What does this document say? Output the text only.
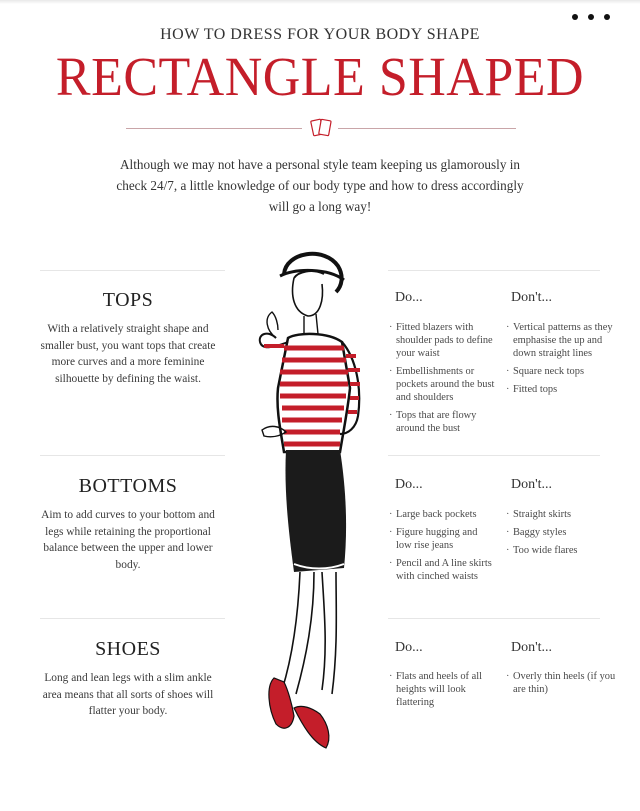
HOW TO DRESS FOR YOUR BODY SHAPE
RECTANGLE SHAPED
Although we may not have a personal style team keeping us glamorously in check 24/7, a little knowledge of our body type and how to dress accordingly will go a long way!
TOPS
With a relatively straight shape and smaller bust, you want tops that create more curves and a more feminine silhouette by defining the waist.
Do...	Don't...
· Fitted blazers with shoulder pads to define your waist
· Embellishments or pockets around the bust and shoulders
· Tops that are flowy around the bust
· Vertical patterns as they emphasise the up and down straight lines
· Square neck tops
· Fitted tops
BOTTOMS
Aim to add curves to your bottom and legs while retaining the proportional balance between the upper and lower body.
Do...	Don't...
· Large back pockets
· Figure hugging and low rise jeans
· Pencil and A line skirts with cinched waists
· Straight skirts
· Baggy styles
· Too wide flares
SHOES
Long and lean legs with a slim ankle area means that all sorts of shoes will flatter your body.
Do...	Don't...
· Flats and heels of all heights will look flattering
· Overly thin heels (if you are thin)
